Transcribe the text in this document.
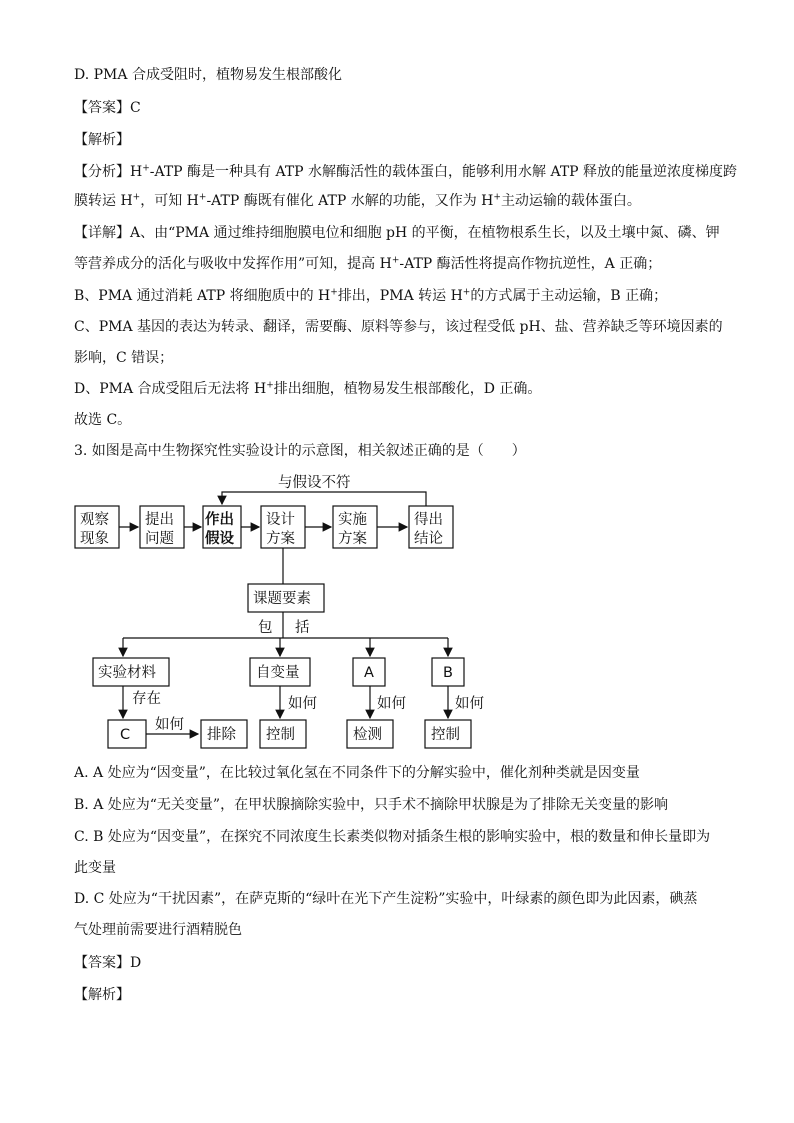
D. PMA 合成受阻时，植物易发生根部酸化
【答案】C
【解析】
【分析】H+-ATP 酶是一种具有 ATP 水解酶活性的载体蛋白，能够利用水解 ATP 释放的能量逆浓度梯度跨
膜转运 H+，可知 H+-ATP 酶既有催化 ATP 水解的功能，又作为 H+主动运输的载体蛋白。
【详解】A、由“PMA 通过维持细胞膜电位和细胞 pH 的平衡，在植物根系生长，以及土壤中氮、磷、钾
等营养成分的活化与吸收中发挥作用”可知，提高 H+-ATP 酶活性将提高作物抗逆性，A 正确；
B、PMA 通过消耗 ATP 将细胞质中的 H+排出，PMA 转运 H+的方式属于主动运输，B 正确；
C、PMA 基因的表达为转录、翻译，需要酶、原料等参与，该过程受低 pH、盐、营养缺乏等环境因素的
影响，C 错误；
D、PMA 合成受阻后无法将 H+排出细胞，植物易发生根部酸化，D 正确。
故选 C。
3. 如图是高中生物探究性实验设计的示意图，相关叙述正确的是（　　）
与假设不符
观察
现象
提出
问题
作出
假设
设计
方案
实施
方案
得出
结论
课题要素
包 括
实验材料	自变量	A	B
存在	如何	如何	如何
C
如何
排除 控制	检测	控制
A. A 处应为“因变量”，在比较过氧化氢在不同条件下的分解实验中，催化剂种类就是因变量
B. A 处应为“无关变量”，在甲状腺摘除实验中，只手术不摘除甲状腺是为了排除无关变量的影响
C. B 处应为“因变量”，在探究不同浓度生长素类似物对插条生根的影响实验中，根的数量和伸长量即为
此变量
D. C 处应为“干扰因素”，在萨克斯的“绿叶在光下产生淀粉”实验中，叶绿素的颜色即为此因素，碘蒸
气处理前需要进行酒精脱色
【答案】D
【解析】
